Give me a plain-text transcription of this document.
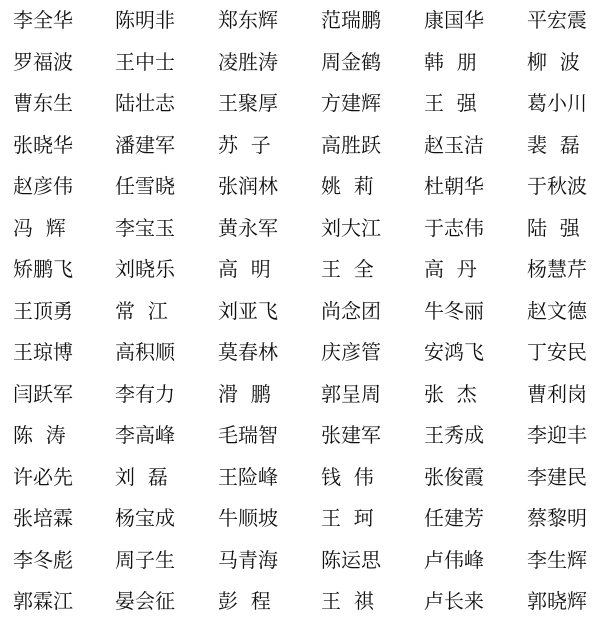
李全华	陈明非	郑东辉	范瑞鹏	康国华	平宏震
罗福波	王中士	凌胜涛	周金鹤	韩  朋	柳  波
曹东生	陆壮志	王聚厚	方建辉	王  强	葛小川
张晓华	潘建军	苏  子	高胜跃	赵玉洁	裴  磊
赵彦伟	任雪晓	张润林	姚  莉	杜朝华	于秋波
冯  辉	李宝玉	黄永军	刘大江	于志伟	陆  强
矫鹏飞	刘晓乐	高  明	王  全	高  丹	杨慧芹
王顶勇	常  江	刘亚飞	尚念团	牛冬丽	赵文德
王琼博	高积顺	莫春林	庆彦管	安鸿飞	丁安民
闫跃军	李有力	滑  鹏	郭呈周	张  杰	曹利岗
陈  涛	李高峰	毛瑞智	张建军	王秀成	李迎丰
许必先	刘  磊	王险峰	钱  伟	张俊霞	李建民
张培霖	杨宝成	牛顺坡	王  珂	任建芳	蔡黎明
李冬彪	周子生	马青海	陈运思	卢伟峰	李生辉
郭霖江	晏会征	彭  程	王  祺	卢长来	郭晓辉
